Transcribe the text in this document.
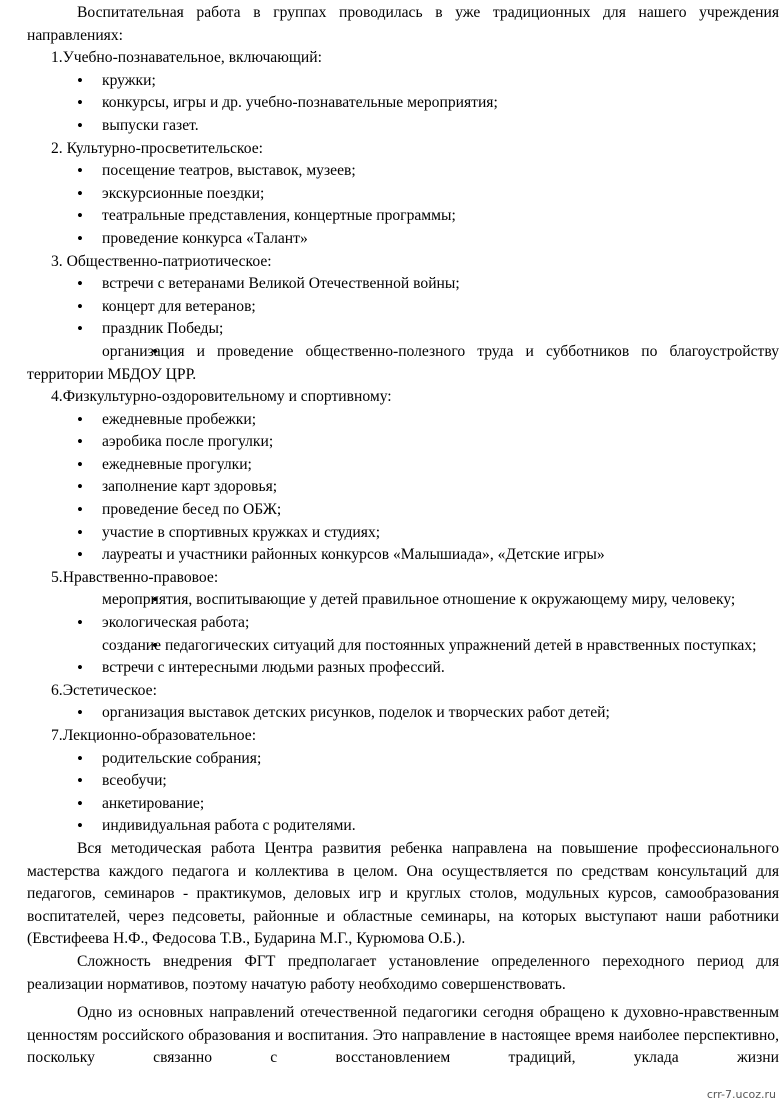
Воспитательная работа в группах проводилась в уже традиционных для нашего учреждения направлениях:

1.Учебно-познавательное, включающий:

• кружки;
• конкурсы, игры и др. учебно-познавательные мероприятия;
• выпуски газет.

2. Культурно-просветительское:

• посещение театров, выставок, музеев;
• экскурсионные поездки;
• театральные представления, концертные программы;
• проведение конкурса «Талант»

3. Общественно-патриотическое:

• встречи с ветеранами Великой Отечественной войны;
• концерт для ветеранов;
• праздник Победы;
• организация и проведение общественно-полезного труда и субботников по благоустройству территории МБДОУ ЦРР.

4.Физкультурно-оздоровительному и спортивному:

• ежедневные пробежки;
• аэробика после прогулки;
• ежедневные прогулки;
• заполнение карт здоровья;
• проведение бесед по ОБЖ;
• участие в спортивных кружках и студиях;
• лауреаты и участники районных конкурсов «Малышиада», «Детские игры»

5.Нравственно-правовое:

• мероприятия, воспитывающие у детей правильное отношение к окружающему миру, человеку;
• экологическая работа;
• создание педагогических ситуаций для постоянных упражнений детей в нравственных поступках;
• встречи с интересными людьми разных профессий.

6.Эстетическое:

• организация выставок детских рисунков, поделок и творческих работ детей;

7.Лекционно-образовательное:

• родительские собрания;
• всеобучи;
• анкетирование;
• индивидуальная работа с родителями.

Вся методическая работа Центра развития ребенка направлена на повышение профессионального мастерства каждого педагога и коллектива в целом. Она осуществляется по средствам консультаций для педагогов, семинаров - практикумов, деловых игр и круглых столов, модульных курсов, самообразования воспитателей, через педсоветы, районные и областные семинары, на которых выступают наши работники (Евстифеева Н.Ф., Федосова Т.В., Бударина М.Г., Курюмова О.Б.).

Сложность внедрения ФГТ предполагает установление определенного переходного период для реализации нормативов, поэтому начатую работу необходимо совершенствовать.

Одно из основных направлений отечественной педагогики сегодня обращено к духовно-нравственным ценностям российского образования и воспитания. Это направление в настоящее время наиболее перспективно, поскольку связанно с восстановлением традиций, уклада жизни

crr-7.ucoz.ru
